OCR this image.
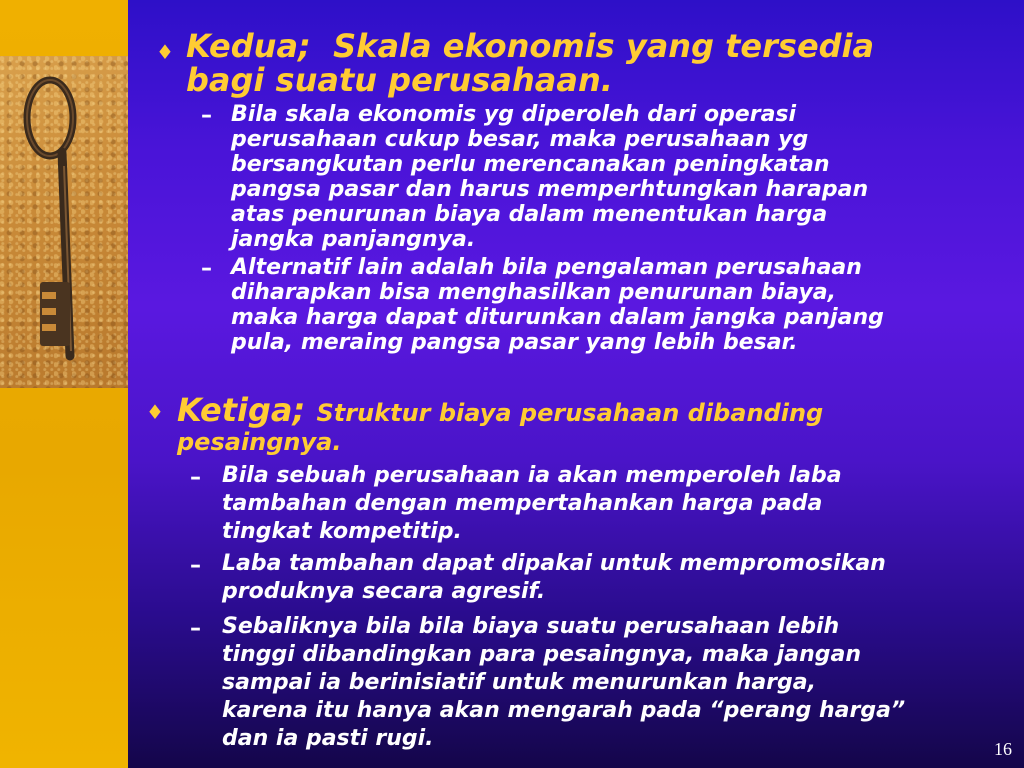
♦ Kedua; Skala ekonomis yang tersedia
bagi suatu perusahaan.
– Bila skala ekonomis yg diperoleh dari operasi
perusahaan cukup besar, maka perusahaan yg
bersangkutan perlu merencanakan peningkatan
pangsa pasar dan harus memperhtungkan harapan
atas penurunan biaya dalam menentukan harga
jangka panjangnya.
– Alternatif lain adalah bila pengalaman perusahaan
diharapkan bisa menghasilkan penurunan biaya,
maka harga dapat diturunkan dalam jangka panjang
pula, meraing pangsa pasar yang lebih besar.
♦ Ketiga; Struktur biaya perusahaan dibanding
pesaingnya.
– Bila sebuah perusahaan ia akan memperoleh laba
tambahan dengan mempertahankan harga pada
tingkat kompetitip.
– Laba tambahan dapat dipakai untuk mempromosikan
produknya secara agresif.
– Sebaliknya bila bila biaya suatu perusahaan lebih
tinggi dibandingkan para pesaingnya, maka jangan
sampai ia berinisiatif untuk menurunkan harga,
karena itu hanya akan mengarah pada “perang harga”
dan ia pasti rugi.	16
